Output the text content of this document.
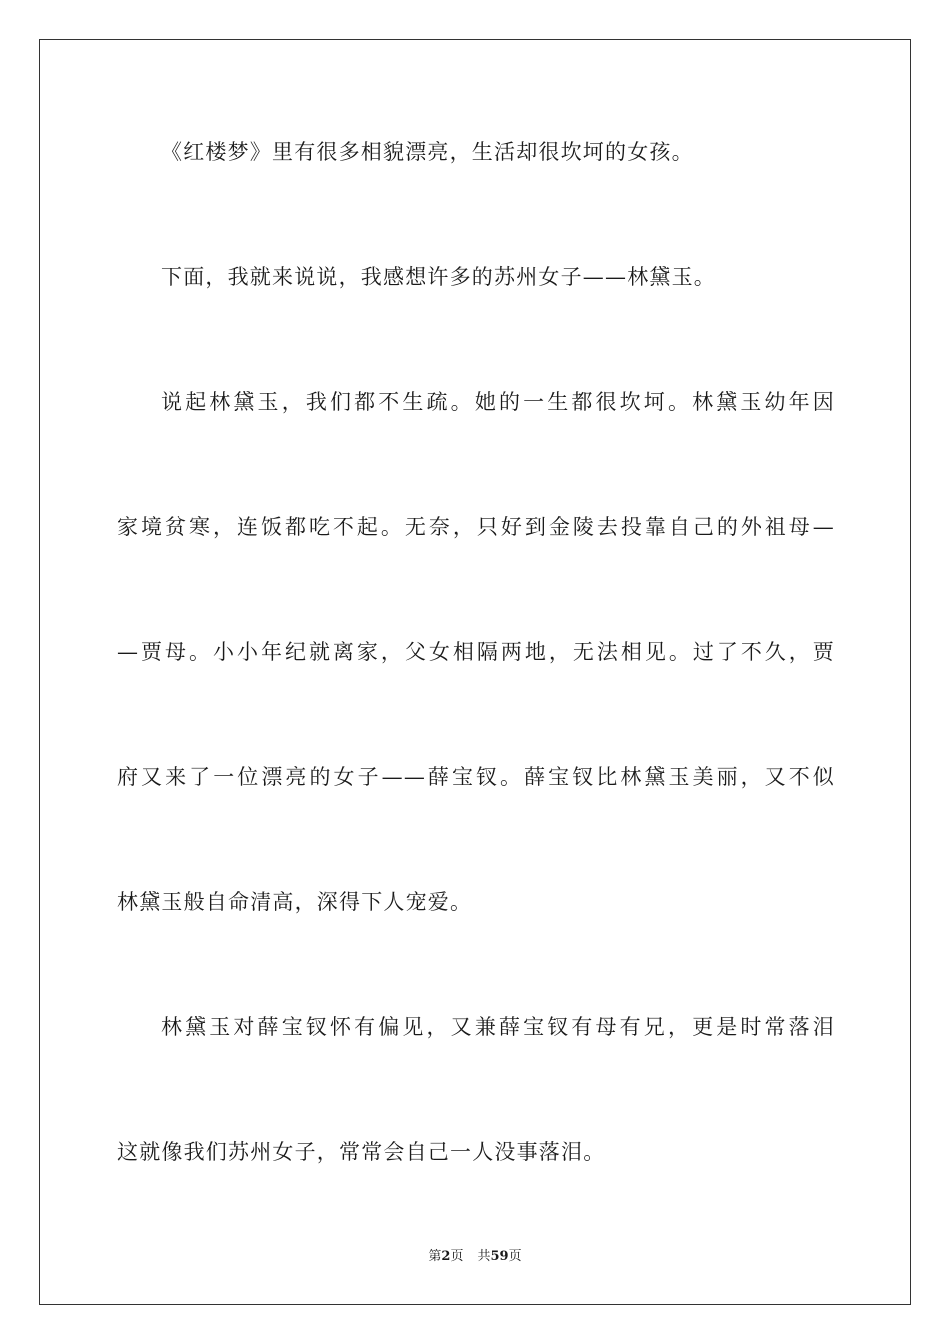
《红楼梦》里有很多相貌漂亮，生活却很坎坷的女孩。
下面，我就来说说，我感想许多的苏州女子——林黛玉。
说起林黛玉，我们都不生疏。她的一生都很坎坷。林黛玉幼年因
家境贫寒，连饭都吃不起。无奈，只好到金陵去投靠自己的外祖母—
—贾母。小小年纪就离家，父女相隔两地，无法相见。过了不久，贾
府又来了一位漂亮的女子——薛宝钗。薛宝钗比林黛玉美丽，又不似
林黛玉般自命清高，深得下人宠爱。
林黛玉对薛宝钗怀有偏见，又兼薛宝钗有母有兄，更是时常落泪
这就像我们苏州女子，常常会自己一人没事落泪。
第2页 共59页
